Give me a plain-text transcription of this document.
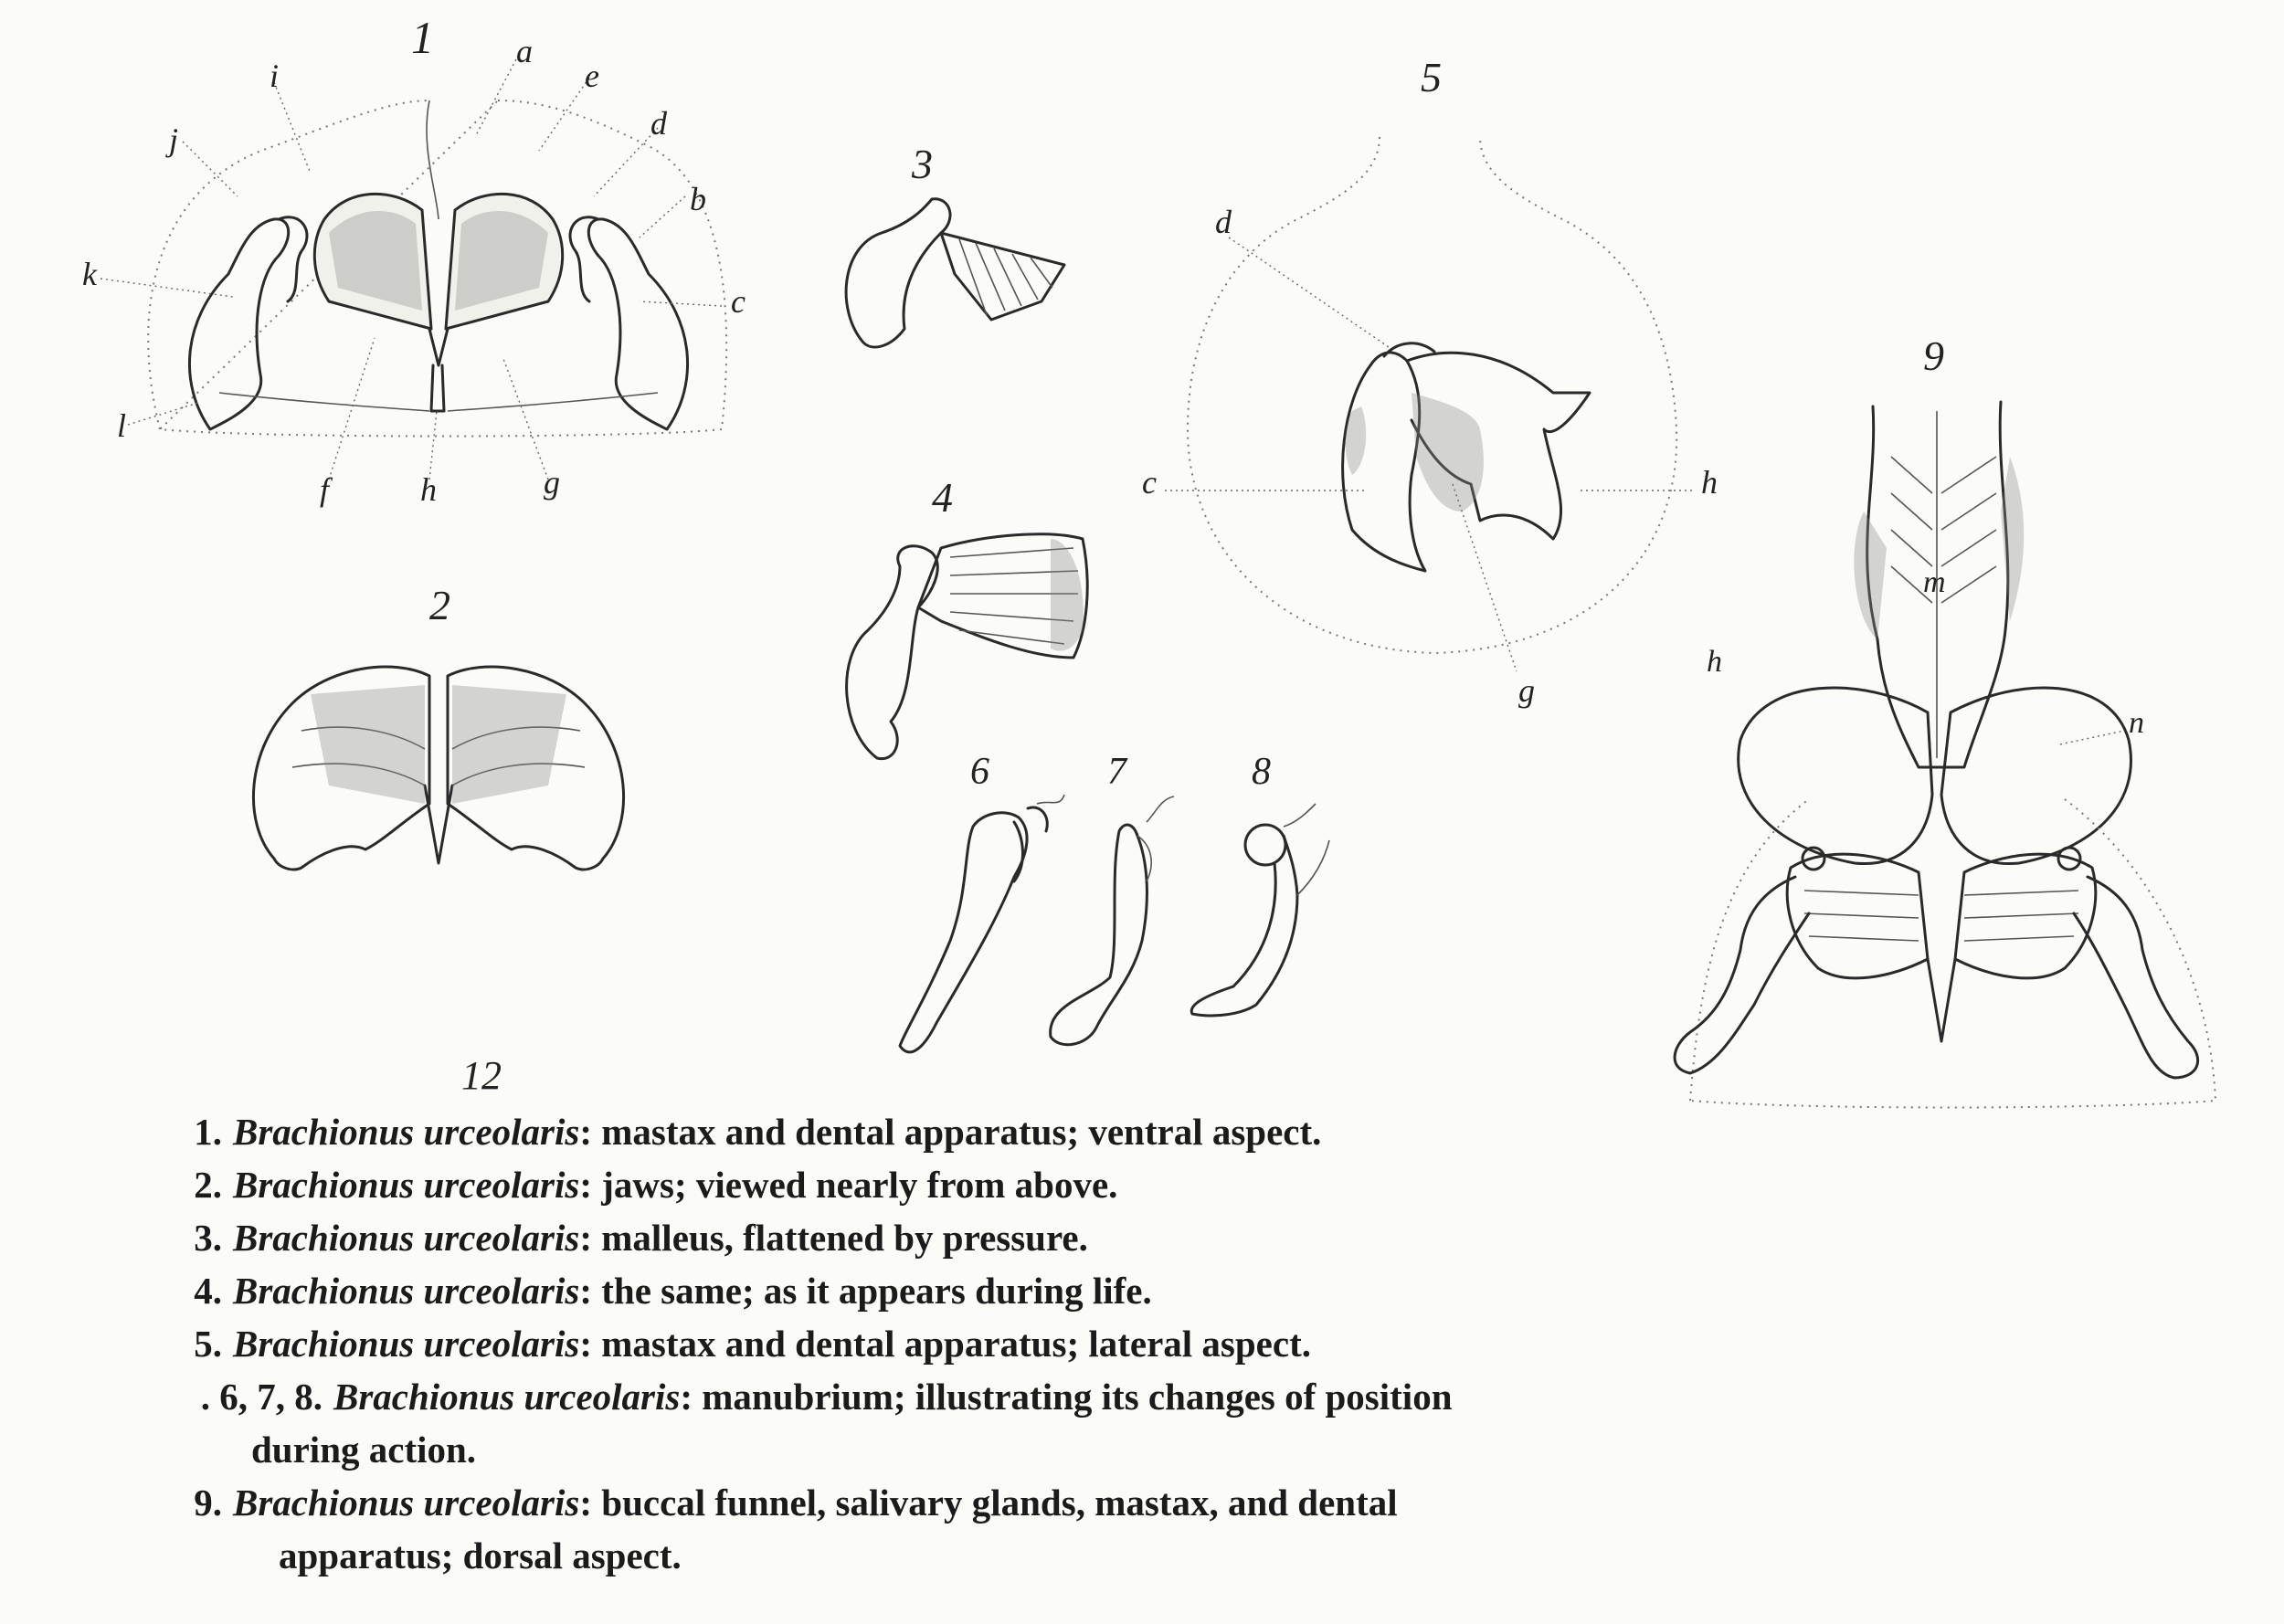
1	a
e
d
b
c
i
j
k
l
f	h	g
2
3
4
5
d
c	h
g
6	7	8
12
9
m
n
h
1. Brachionus urceolaris: mastax and dental apparatus; ventral aspect.
2. Brachionus urceolaris: jaws; viewed nearly from above.
3. Brachionus urceolaris: malleus, flattened by pressure.
4. Brachionus urceolaris: the same; as it appears during life.
5. Brachionus urceolaris: mastax and dental apparatus; lateral aspect.
. 6, 7, 8. Brachionus urceolaris: manubrium; illustrating its changes of position
during action.
9. Brachionus urceolaris: buccal funnel, salivary glands, mastax, and dental
apparatus; dorsal aspect.
